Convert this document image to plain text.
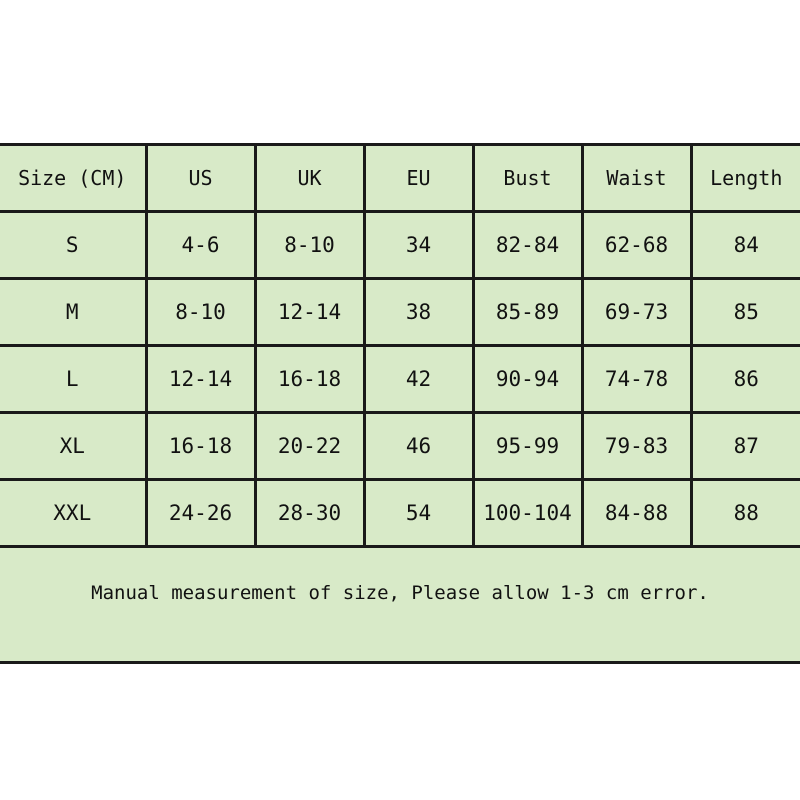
Size (CM)	US	UK	EU	Bust	Waist	Length
S	4-6	8-10	34	82-84	62-68	84
M	8-10	12-14	38	85-89	69-73	85
L	12-14	16-18	42	90-94	74-78	86
XL	16-18	20-22	46	95-99	79-83	87
XXL	24-26	28-30	54	100-104	84-88	88
Manual measurement of size, Please allow 1-3 cm error.
